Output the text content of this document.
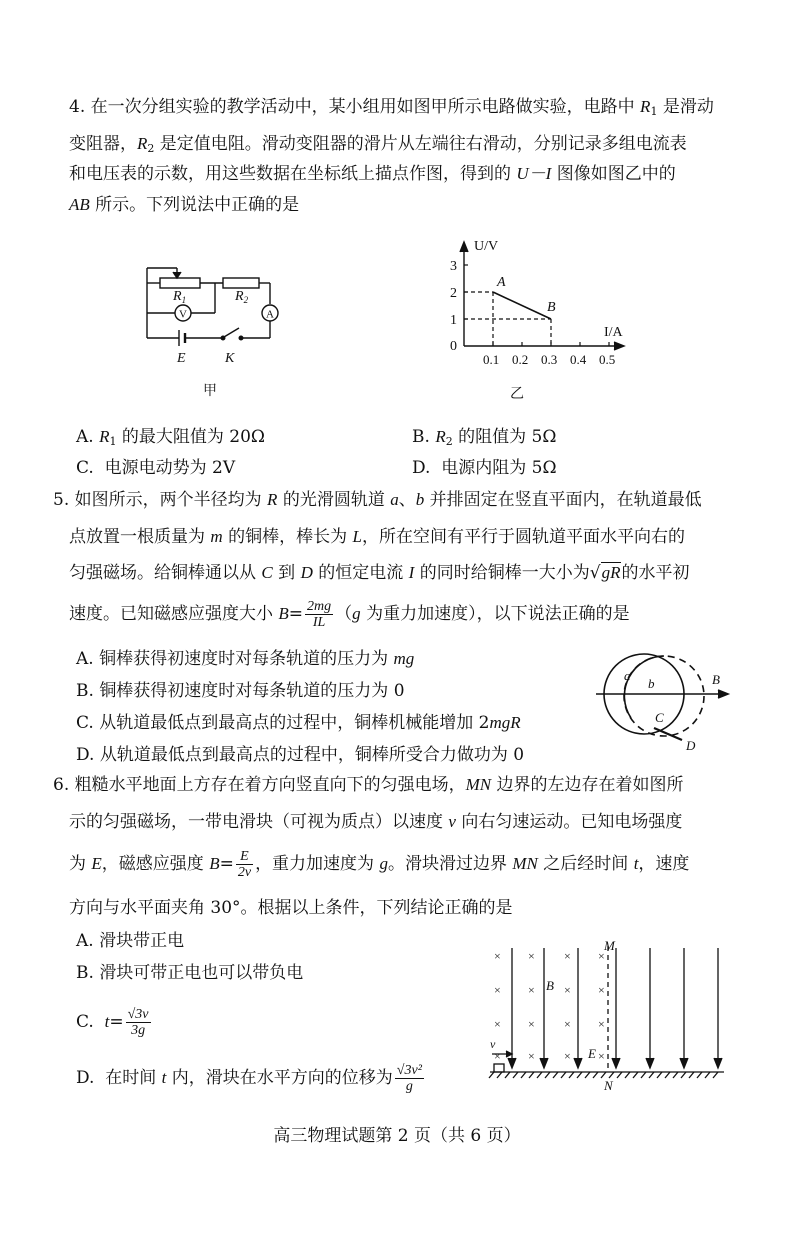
4. 在一次分组实验的教学活动中，某小组用如图甲所示电路做实验，电路中 $R_1$ 是滑动
变阻器，$R_2$ 是定值电阻。滑动变阻器的滑片从左端往右滑动，分别记录多组电流表
和电压表的示数，用这些数据在坐标纸上描点作图，得到的 U－I 图像如图乙中的
AB 所示。下列说法中正确的是
$R_1$	$R_2$
V	A
E	K
甲
1
2
3
0.1 0.2 0.3 0.4 0.5
A
B
U/V
I/A
0
乙
A. $R_1$ 的最大阻值为 20Ω	B. $R_2$ 的阻值为 5Ω
C. 电源电动势为 2V	D. 电源内阻为 5Ω
5. 如图所示，两个半径均为 R 的光滑圆轨道 a、b 并排固定在竖直平面内，在轨道最低
点放置一根质量为 m 的铜棒，棒长为 L，所在空间有平行于圆轨道平面水平向右的
匀强磁场。给铜棒通以从 C 到 D 的恒定电流 I 的同时给铜棒一大小为√gR的水平初
速度。已知磁感应强度大小 $B= \frac{2mg}{IL} (g$ 为重力加速度），以下说法正确的是
A. 铜棒获得初速度时对每条轨道的压力为 mg
B. 铜棒获得初速度时对每条轨道的压力为 0
C. 从轨道最低点到最高点的过程中，铜棒机械能增加 2mgR
D. 从轨道最低点到最高点的过程中，铜棒所受合力做功为 0
a
b	B
C
D
6. 粗糙水平地面上方存在着方向竖直向下的匀强电场，MN 边界的左边存在着如图所
示的匀强磁场，一带电滑块（可视为质点）以速度 v 向右匀速运动。已知电场强度
为 E，磁感应强度 $B= \frac{E}{2v}$ ，重力加速度为 g。滑块滑过边界 MN 之后经时间 t，速度
方向与水平面夹角 30°。根据以上条件，下列结论正确的是
A. 滑块带正电
B. 滑块可带正电也可以带负电
C. $t= \frac{√3v}{3g}$
D. 在时间 t 内，滑块在水平方向的位移为 $\frac{\text{√3v²}}{g}$
×
×
×
×
×
×
×
×
×
×
×
×
×
×
×
×
M
N
B
E
v
高三物理试题第 2 页（共 6 页）
